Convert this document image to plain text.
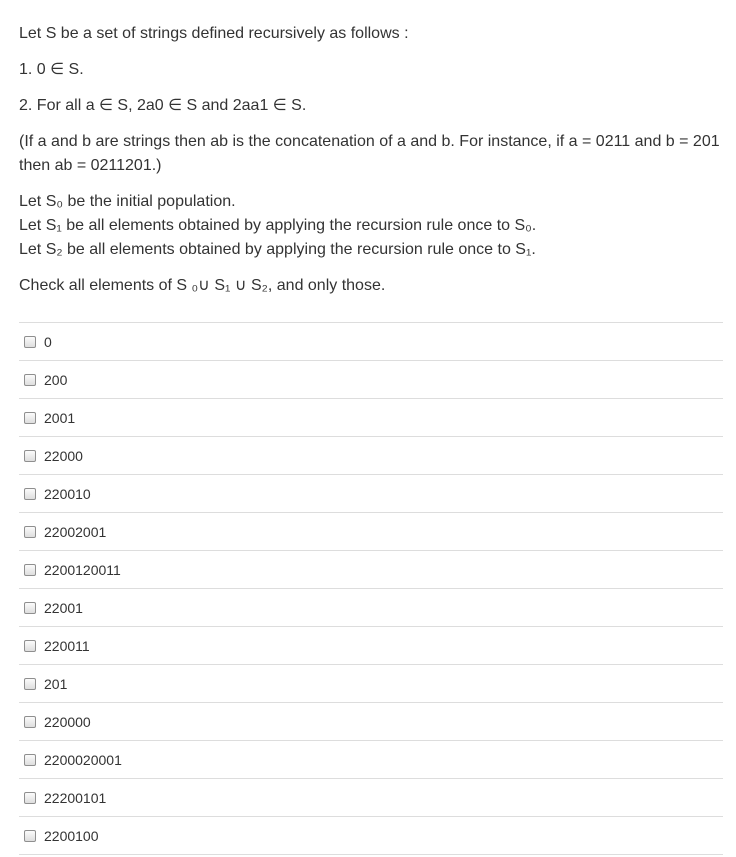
Let S be a set of strings defined recursively as follows :

1. 0 ∈ S.

2. For all a ∈ S, 2a0 ∈ S and 2aa1 ∈ S.

(If a and b are strings then ab is the concatenation of a and b. For instance, if a = 0211 and b = 201 then ab = 0211201.)

Let S₀ be the initial population.

Let S₁ be all elements obtained by applying the recursion rule once to S₀.

Let S₂ be all elements obtained by applying the recursion rule once to S₁.

Check all elements of S ₀∪ S₁ ∪ S₂, and only those.

0
200
2001
22000
220010
22002001
2200120011
22001
220011
201
220000
2200020001
22200101
2200100
